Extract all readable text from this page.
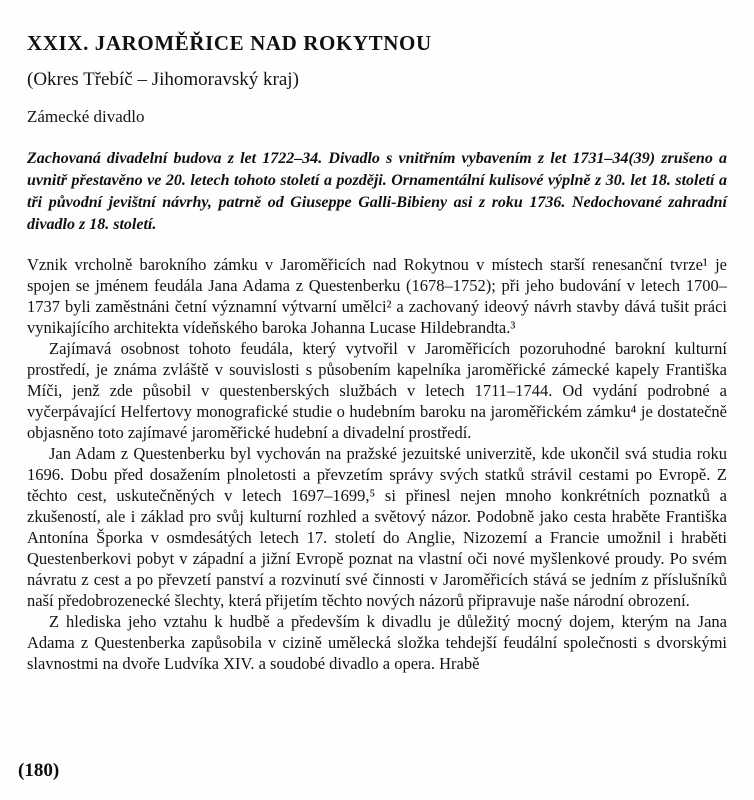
XXIX. JAROMĚŘICE NAD ROKYTNOU
(Okres Třebíč – Jihomoravský kraj)
Zámecké divadlo

Zachovaná divadelní budova z let 1722–34. Divadlo s vnitřním vybavením z let 1731–34(39) zrušeno a uvnitř přestavěno ve 20. letech tohoto století a později. Ornamentální kulisové výplně z 30. let 18. století a tři původní jevištní návrhy, patrně od Giuseppe Galli-Bibieny asi z roku 1736. Nedochované zahradní divadlo z 18. století.

Vznik vrcholně barokního zámku v Jaroměřicích nad Rokytnou v místech starší renesanční tvrze¹ je spojen se jménem feudála Jana Adama z Questenberku (1678–1752); při jeho budování v letech 1700–1737 byli zaměstnáni četní významní výtvarní umělci² a zachovaný ideový návrh stavby dává tušit práci vynikajícího architekta vídeňského baroka Johanna Lucase Hildebrandta.³

Zajímavá osobnost tohoto feudála, který vytvořil v Jaroměřicích pozoruhodné barokní kulturní prostředí, je známa zvláště v souvislosti s působením kapelníka jaroměřické zámecké kapely Františka Míči, jenž zde působil v questenberských službách v letech 1711–1744. Od vydání podrobné a vyčerpávající Helfertovy monografické studie o hudebním baroku na jaroměřickém zámku⁴ je dostatečně objasněno toto zajímavé jaroměřické hudební a divadelní prostředí.

Jan Adam z Questenberku byl vychován na pražské jezuitské univerzitě, kde ukončil svá studia roku 1696. Dobu před dosažením plnoletosti a převzetím správy svých statků strávil cestami po Evropě. Z těchto cest, uskutečněných v letech 1697–1699,⁵ si přinesl nejen mnoho konkrétních poznatků a zkušeností, ale i základ pro svůj kulturní rozhled a světový názor. Podobně jako cesta hraběte Františka Antonína Šporka v osmdesátých letech 17. století do Anglie, Nizozemí a Francie umožnil i hraběti Questenberkovi pobyt v západní a jižní Evropě poznat na vlastní oči nové myšlenkové proudy. Po svém návratu z cest a po převzetí panství a rozvinutí své činnosti v Jaroměřicích stává se jedním z příslušníků naší předobrozenecké šlechty, která přijetím těchto nových názorů připravuje naše národní obrození.

Z hlediska jeho vztahu k hudbě a především k divadlu je důležitý mocný dojem, kterým na Jana Adama z Questenberka zapůsobila v cizině umělecká složka tehdejší feudální společnosti s dvorskými slavnostmi na dvoře Ludvíka XIV. a soudobé divadlo a opera. Hrabě

(180)
